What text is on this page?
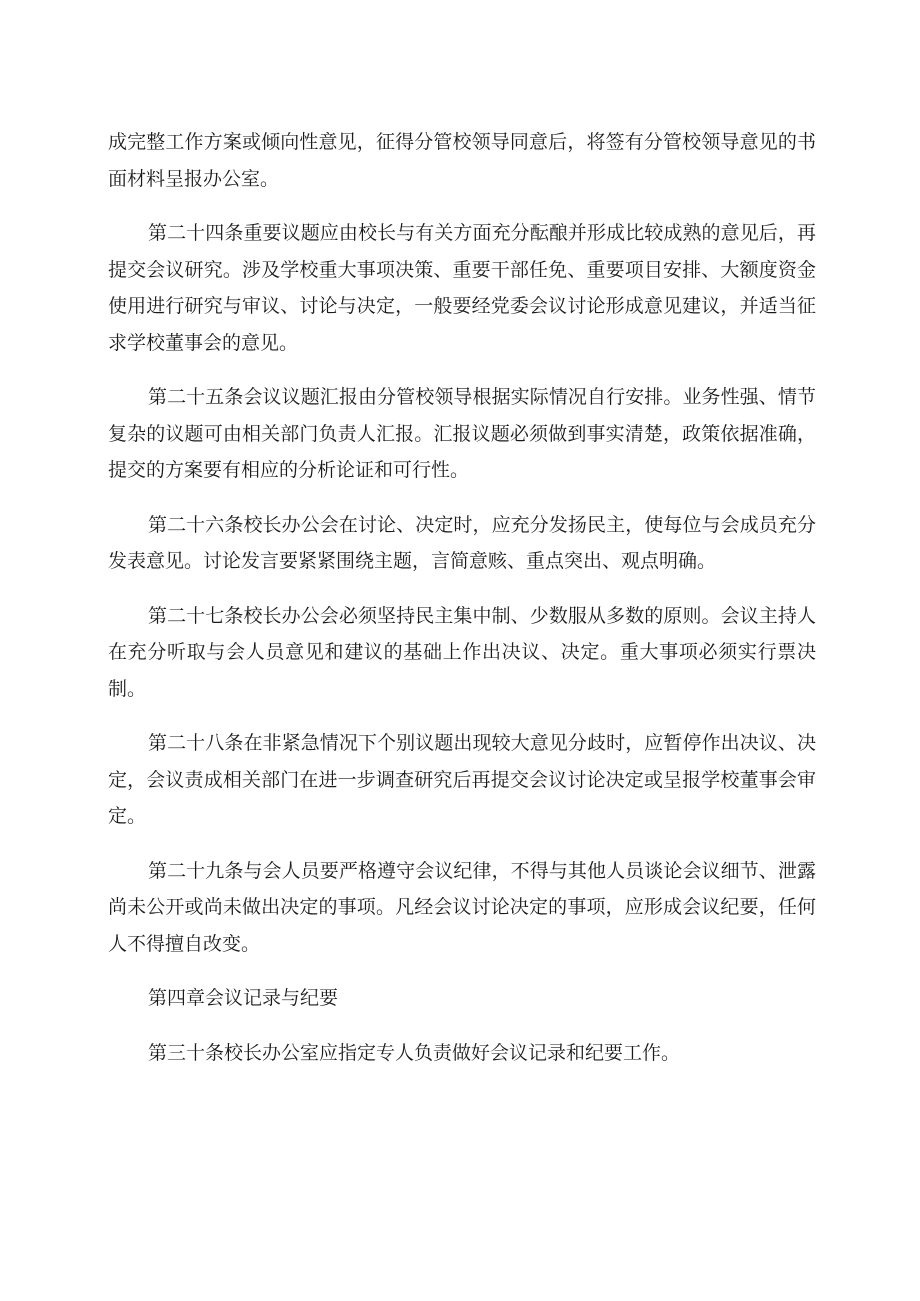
成完整工作方案或倾向性意见，征得分管校领导同意后，将签有分管校领导意见的书面材料呈报办公室。

第二十四条重要议题应由校长与有关方面充分酝酿并形成比较成熟的意见后，再提交会议研究。涉及学校重大事项决策、重要干部任免、重要项目安排、大额度资金使用进行研究与审议、讨论与决定，一般要经党委会议讨论形成意见建议，并适当征求学校董事会的意见。

第二十五条会议议题汇报由分管校领导根据实际情况自行安排。业务性强、情节复杂的议题可由相关部门负责人汇报。汇报议题必须做到事实清楚，政策依据准确，提交的方案要有相应的分析论证和可行性。

第二十六条校长办公会在讨论、决定时，应充分发扬民主，使每位与会成员充分发表意见。讨论发言要紧紧围绕主题，言简意赅、重点突出、观点明确。

第二十七条校长办公会必须坚持民主集中制、少数服从多数的原则。会议主持人在充分听取与会人员意见和建议的基础上作出决议、决定。重大事项必须实行票决制。

第二十八条在非紧急情况下个别议题出现较大意见分歧时，应暂停作出决议、决定，会议责成相关部门在进一步调查研究后再提交会议讨论决定或呈报学校董事会审定。

第二十九条与会人员要严格遵守会议纪律，不得与其他人员谈论会议细节、泄露尚未公开或尚未做出决定的事项。凡经会议讨论决定的事项，应形成会议纪要，任何人不得擅自改变。

第四章会议记录与纪要

第三十条校长办公室应指定专人负责做好会议记录和纪要工作。
